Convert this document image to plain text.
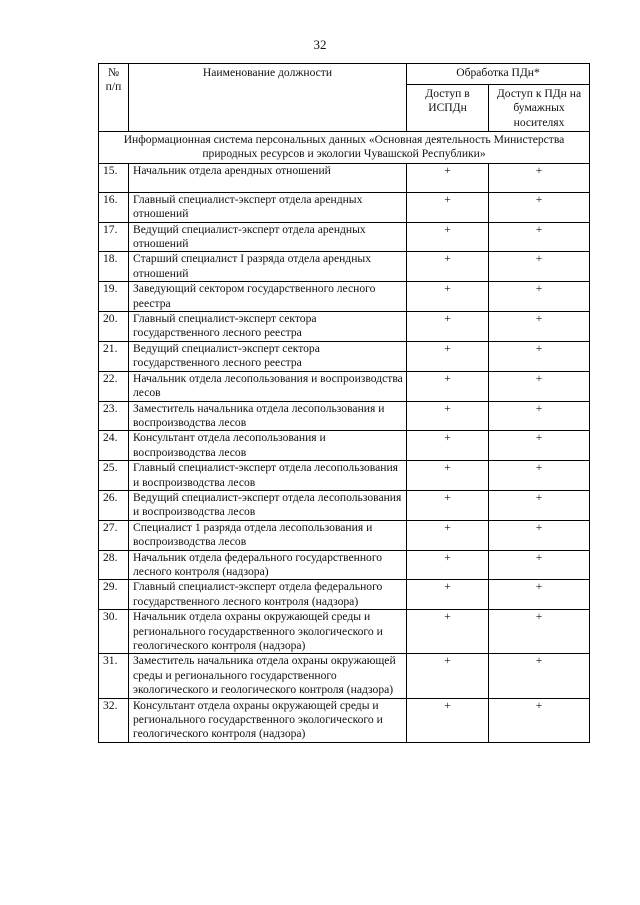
32
№
п/п	Наименование должности	Обработка ПДн*	
		Доступ в ИСПДн	Доступ к ПДн на бумажных носителях
Информационная система персональных данных «Основная деятельность Министерства природных ресурсов и экологии Чувашской Республики»			
15.	Начальник отдела арендных отношений	+	+
16.	Главный специалист-эксперт отдела арендных отношений	+	+
17.	Ведущий специалист-эксперт отдела арендных отношений	+	+
18.	Старший специалист I разряда отдела арендных отношений	+	+
19.	Заведующий сектором государственного лесного реестра	+	+
20.	Главный специалист-эксперт сектора государственного лесного реестра	+	+
21.	Ведущий специалист-эксперт сектора государственного лесного реестра	+	+
22.	Начальник отдела лесопользования и воспроизводства лесов	+	+
23.	Заместитель начальника отдела лесопользования и воспроизводства лесов	+	+
24.	Консультант отдела лесопользования и воспроизводства лесов	+	+
25.	Главный специалист-эксперт отдела лесопользования и воспроизводства лесов	+	+
26.	Ведущий специалист-эксперт отдела лесопользования и воспроизводства лесов	+	+
27.	Специалист 1 разряда отдела лесопользования и воспроизводства лесов	+	+
28.	Начальник отдела федерального государственного лесного контроля (надзора)	+	+
29.	Главный специалист-эксперт отдела федерального государственного лесного контроля (надзора)	+	+
30.	Начальник отдела охраны окружающей среды и регионального государственного экологического и геологического контроля (надзора)	+	+
31.	Заместитель начальника отдела охраны окружающей среды и регионального государственного экологического и геологического контроля (надзора)	+	+
32.	Консультант отдела охраны окружающей среды и регионального государственного экологического и геологического контроля (надзора)	+	+
